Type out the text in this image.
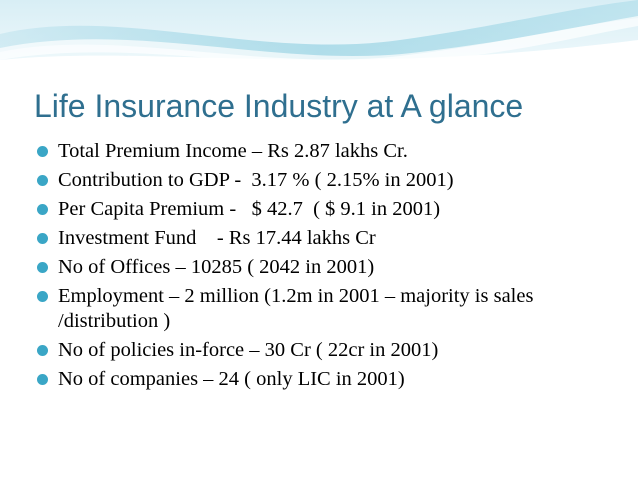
Life Insurance Industry at A glance
Total Premium Income – Rs 2.87 lakhs Cr.
Contribution to GDP -  3.17 % ( 2.15% in 2001)
Per Capita Premium -   $ 42.7  ( $ 9.1 in 2001)
Investment Fund    - Rs 17.44 lakhs Cr
No of Offices – 10285 ( 2042 in 2001)
Employment – 2 million (1.2m in 2001 – majority is sales /distribution )
No of policies in-force – 30 Cr ( 22cr in 2001)
No of companies – 24 ( only LIC in 2001)
